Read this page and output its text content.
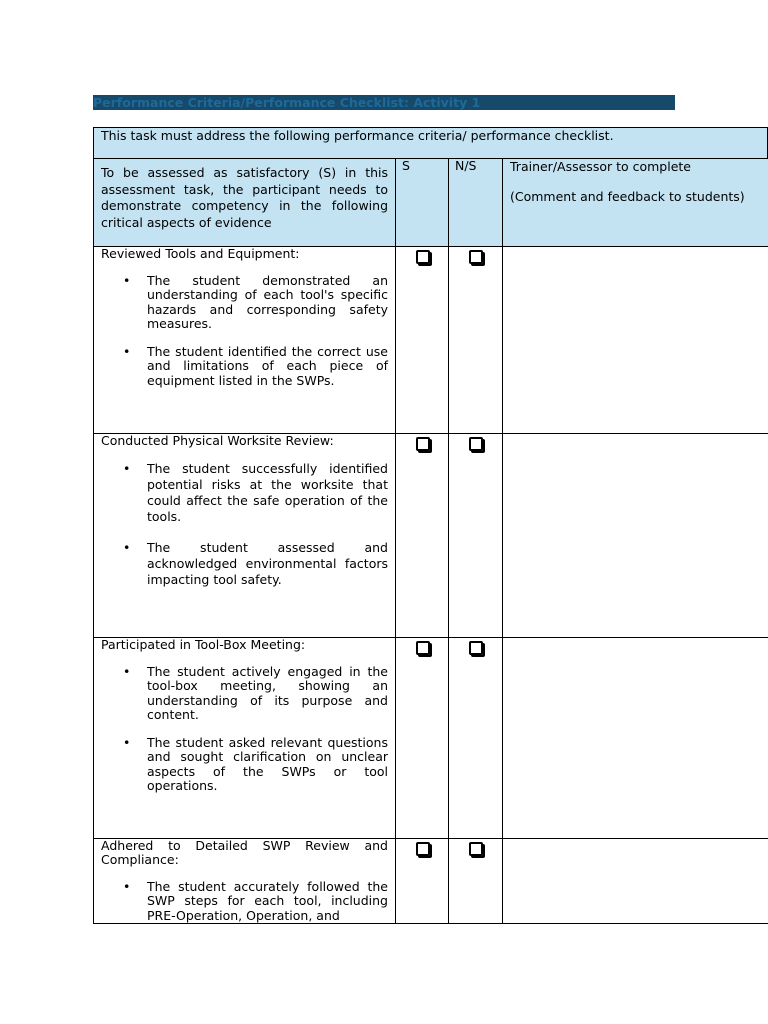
Performance Criteria/Performance Checklist: Activity 1
This task must address the following performance criteria/ performance checklist.
To be assessed as satisfactory (S) in this assessment task, the participant needs to demonstrate competency in the following critical aspects of evidence
S	N/S	Trainer/Assessor to complete

(Comment and feedback to students)

Reviewed Tools and Equipment:
• The student demonstrated an understanding of each tool's specific hazards and corresponding safety measures.
• The student identified the correct use and limitations of each piece of equipment listed in the SWPs.
Conducted Physical Worksite Review:
• The student successfully identified potential risks at the worksite that could affect the safe operation of the tools.
• The student assessed and acknowledged environmental factors impacting tool safety.
Participated in Tool-Box Meeting:
• The student actively engaged in the tool-box meeting, showing an understanding of its purpose and content.
• The student asked relevant questions and sought clarification on unclear aspects of the SWPs or tool operations.
Adhered to Detailed SWP Review and Compliance:
• The student accurately followed the SWP steps for each tool, including PRE-Operation, Operation, and
